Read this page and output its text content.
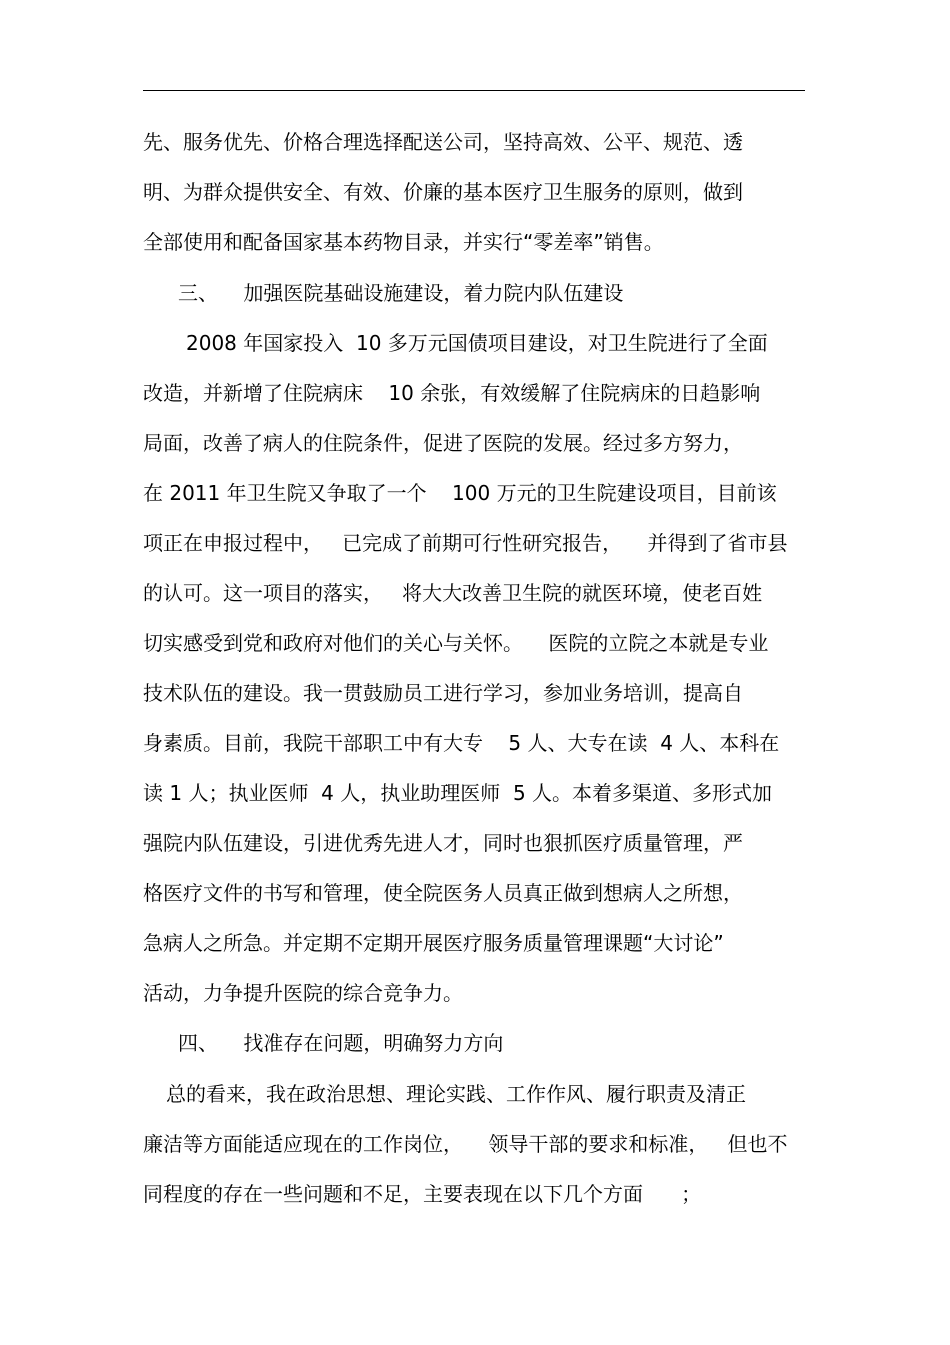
先、服务优先、价格合理选择配送公司，坚持高效、公平、规范、透
明、为群众提供安全、有效、价廉的基本医疗卫生服务的原则，做到
全部使用和配备国家基本药物目录，并实行“零差率”销售。
三、    加强医院基础设施建设，着力院内队伍建设
2008 年国家投入  10 多万元国债项目建设，对卫生院进行了全面
改造，并新增了住院病床    10 余张，有效缓解了住院病床的日趋影响
局面，改善了病人的住院条件，促进了医院的发展。经过多方努力，
在 2011 年卫生院又争取了一个    100 万元的卫生院建设项目，目前该
项正在申报过程中，   已完成了前期可行性研究报告，    并得到了省市县
的认可。这一项目的落实，   将大大改善卫生院的就医环境，使老百姓
切实感受到党和政府对他们的关心与关怀。    医院的立院之本就是专业
技术队伍的建设。我一贯鼓励员工进行学习，参加业务培训，提高自
身素质。目前，我院干部职工中有大专    5 人、大专在读  4 人、本科在
读 1 人；执业医师  4 人，执业助理医师  5 人。本着多渠道、多形式加
强院内队伍建设，引进优秀先进人才，同时也狠抓医疗质量管理，严
格医疗文件的书写和管理，使全院医务人员真正做到想病人之所想，
急病人之所急。并定期不定期开展医疗服务质量管理课题“大讨论”
活动，力争提升医院的综合竞争力。
四、    找准存在问题，明确努力方向
总的看来，我在政治思想、理论实践、工作作风、履行职责及清正
廉洁等方面能适应现在的工作岗位，    领导干部的要求和标准，   但也不
同程度的存在一些问题和不足，主要表现在以下几个方面      ；
